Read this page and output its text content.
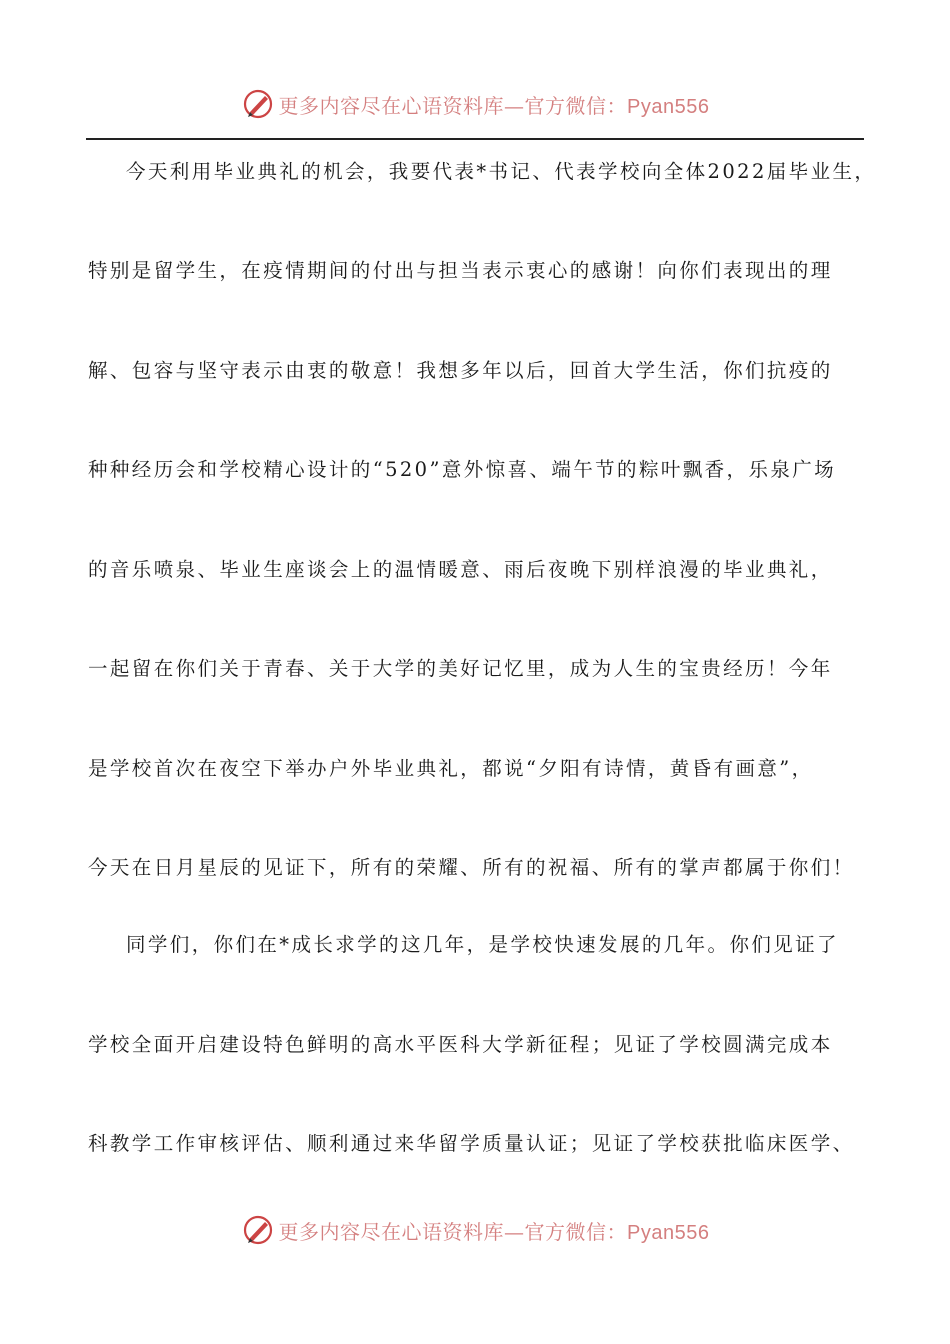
更多内容尽在心语资料库—官方微信：Pyan556
今天利用毕业典礼的机会，我要代表*书记、代表学校向全体2022届毕业生，
特别是留学生，在疫情期间的付出与担当表示衷心的感谢！向你们表现出的理
解、包容与坚守表示由衷的敬意！我想多年以后，回首大学生活，你们抗疫的
种种经历会和学校精心设计的“520”意外惊喜、端午节的粽叶飘香，乐泉广场
的音乐喷泉、毕业生座谈会上的温情暖意、雨后夜晚下别样浪漫的毕业典礼，
一起留在你们关于青春、关于大学的美好记忆里，成为人生的宝贵经历！今年
是学校首次在夜空下举办户外毕业典礼，都说“夕阳有诗情，黄昏有画意”，
今天在日月星辰的见证下，所有的荣耀、所有的祝福、所有的掌声都属于你们！
同学们，你们在*成长求学的这几年，是学校快速发展的几年。你们见证了
学校全面开启建设特色鲜明的高水平医科大学新征程；见证了学校圆满完成本
科教学工作审核评估、顺利通过来华留学质量认证；见证了学校获批临床医学、
更多内容尽在心语资料库—官方微信：Pyan556
